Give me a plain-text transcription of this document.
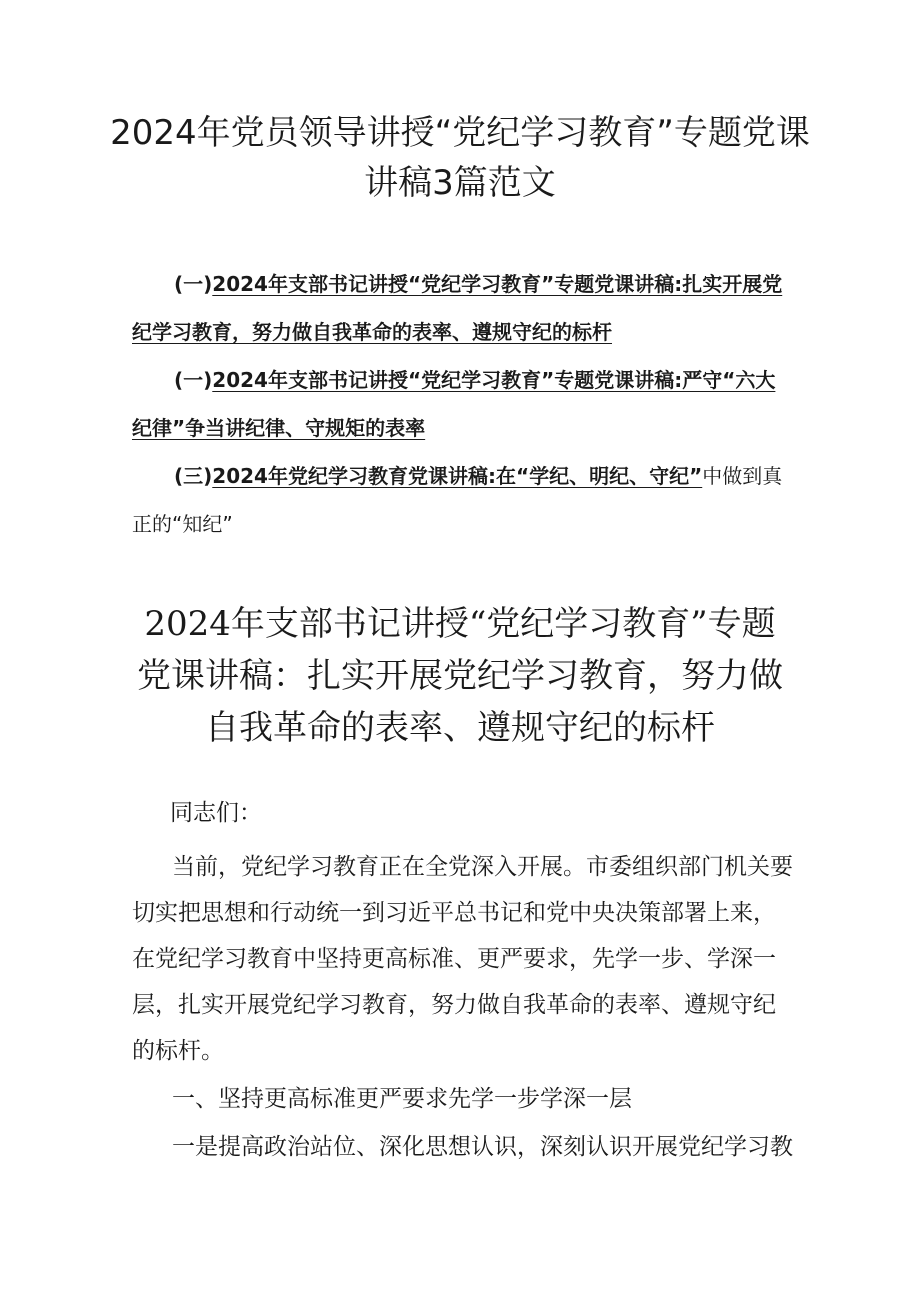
2024年党员领导讲授“党纪学习教育”专题党课讲稿3篇范文
(一)2024年支部书记讲授“党纪学习教育”专题党课讲稿:扎实开展党纪学习教育，努力做自我革命的表率、遵规守纪的标杆
(一)2024年支部书记讲授“党纪学习教育”专题党课讲稿:严守“六大纪律”争当讲纪律、守规矩的表率
(三)2024年党纪学习教育党课讲稿:在“学纪、明纪、守纪”中做到真正的“知纪”
2024年支部书记讲授“党纪学习教育”专题党课讲稿：扎实开展党纪学习教育，努力做自我革命的表率、遵规守纪的标杆

同志们：

当前，党纪学习教育正在全党深入开展。市委组织部门机关要切实把思想和行动统一到习近平总书记和党中央决策部署上来，在党纪学习教育中坚持更高标准、更严要求，先学一步、学深一层，扎实开展党纪学习教育，努力做自我革命的表率、遵规守纪的标杆。

一、坚持更高标准更严要求先学一步学深一层

一是提高政治站位、深化思想认识，深刻认识开展党纪学习教
